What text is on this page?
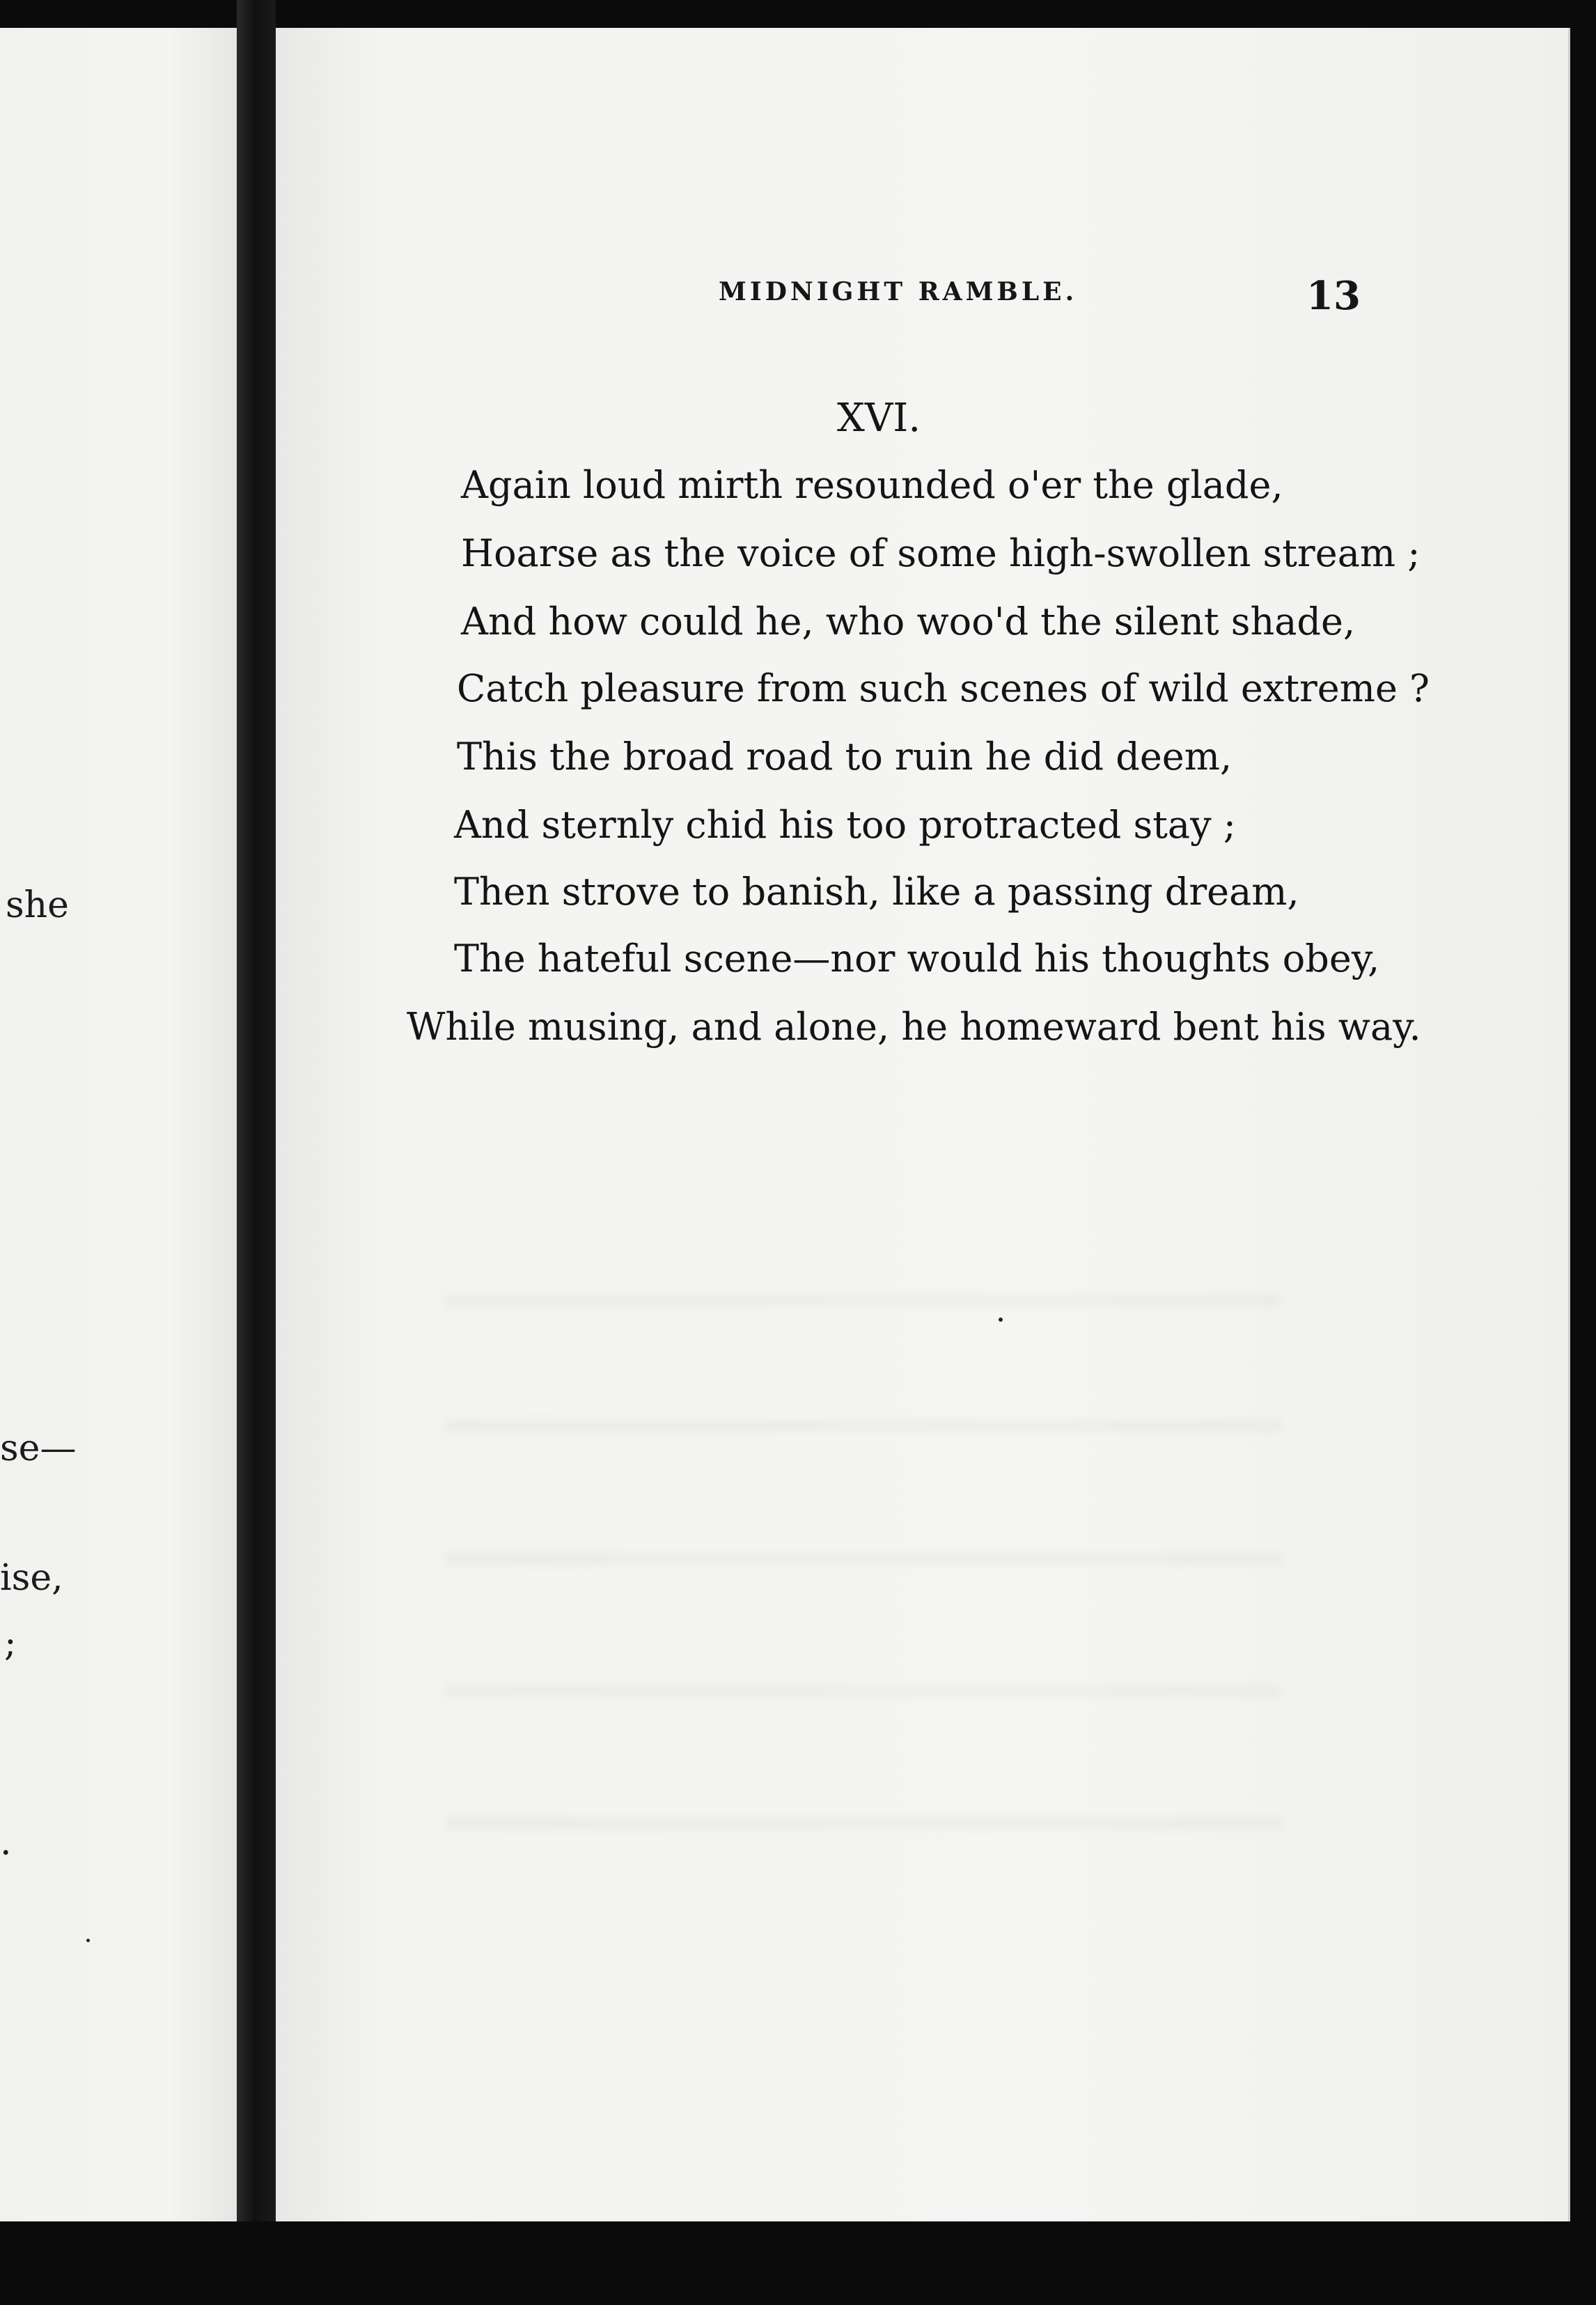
she
se—
ise,
;
.
MIDNIGHT RAMBLE.	13
XVI.
Again loud mirth resounded o'er the glade,
Hoarse as the voice of some high-swollen stream ;
And how could he, who woo'd the silent shade,
Catch pleasure from such scenes of wild extreme ?
This the broad road to ruin he did deem,
And sternly chid his too protracted stay ;
Then strove to banish, like a passing dream,
The hateful scene—nor would his thoughts obey,
While musing, and alone, he homeward bent his way.
